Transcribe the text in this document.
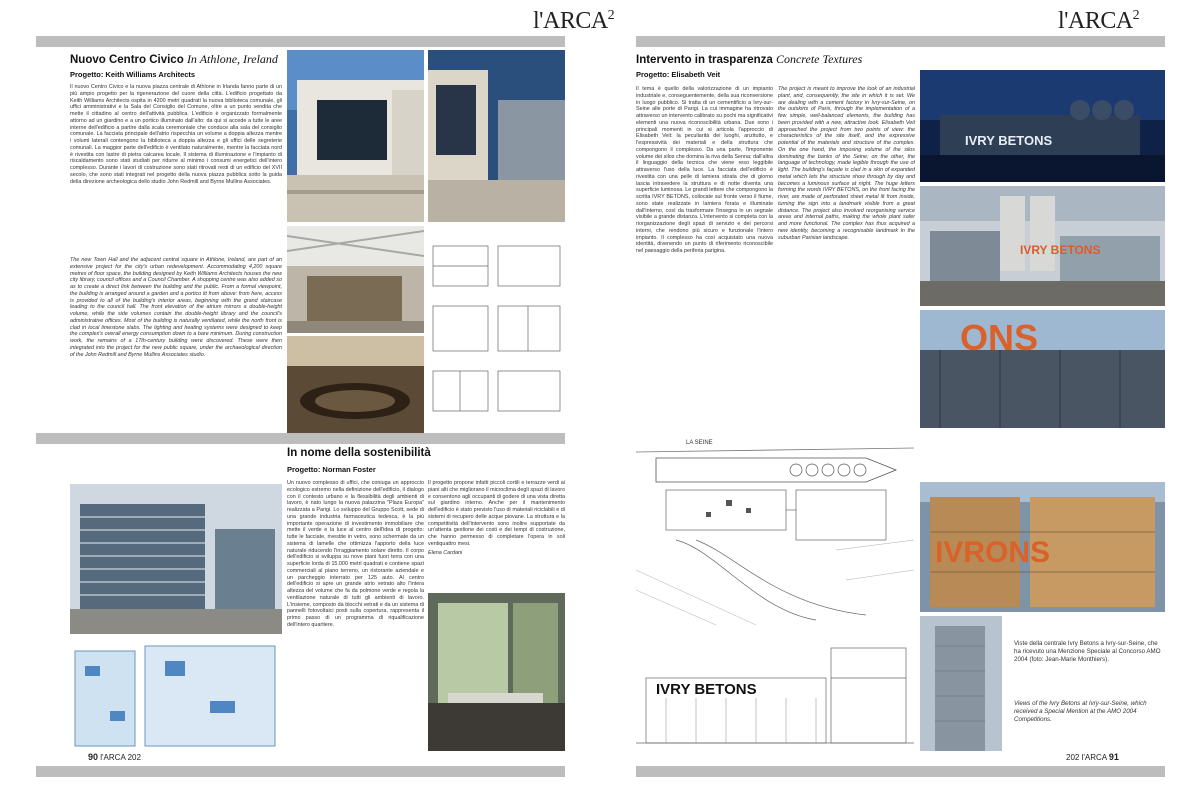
l'ARCA$^2$
Nuovo Centro Civico In Athlone, Ireland
Progetto: Keith Williams Architects
Il nuovo Centro Civico e la nuova piazza centrale di Athlone in Irlanda fanno parte di un più ampio progetto per la rigenerazione del cuore della città. L'edificio progettato da Keith Williams Architects ospita in 4200 metri quadrati la nuova biblioteca comunale, gli uffici amministrativi e la Sala del Consiglio del Comune, oltre a un punto vendita che mette il cittadino al centro dell'attività pubblica. L'edificio è organizzato formalmente attorno ad un giardino e a un portico illuminato dall'alto: da qui si accede a tutte le aree interne dell'edificio a partire dalla scala ceremoniale che conduce alla sala del consiglio comunale. La facciata principale dell'atrio rispecchia un volume a doppia altezza mentre i volumi laterali contengono la biblioteca a doppia altezza e gli uffici delle segreterie comunali. La maggior parte dell'edificio è ventilato naturalmente, mentre la facciata nord è rivestita con lastre di pietra calcarea locale. Il sistema di illuminazione e l'impianto di riscaldamento sono stati studiati per ridurre al minimo i consumi energetici dell'intero complesso. Durante i lavori di costruzione sono stati ritrovati resti di un edificio del XVII secolo, che sono stati integrati nel progetto della nuova piazza pubblica sotto la guida della direzione archeologica dello studio John Redmill and Byrne Mullins Associates.
The new Town Hall and the adjacent central square in Athlone, Ireland, are part of an extensive project for the city's urban redevelopment. Accommodating 4,200 square metres of floor space, the building designed by Keith Williams Architects houses the new city library, council offices and a Council Chamber. A shopping centre was also added so as to create a direct link between the building and the public. From a formal viewpoint, the building is arranged around a garden and a portico lit from above: from here, access is provided to all of the building's interior areas, beginning with the grand staircase leading to the council hall. The front elevation of the atrium mirrors a double-height volume, while the side volumes contain the double-height library and the council's administrative offices. Most of the building is naturally ventilated, while the north front is clad in local limestone slabs. The lighting and heating systems were designed to keep the complex's overall energy consumption down to a bare minimum. During construction work, the remains of a 17th-century building were discovered. These were then integrated into the project for the new public square, under the archaeological direction of the John Redmill and Byrne Mullins Associates studio.
In nome della sostenibilità
Progetto: Norman Foster
Un nuovo complesso di uffici, che coniuga un approccio ecologico estremo nella definizione dell'edificio, il dialogo con il contesto urbano e la flessibilità degli ambienti di lavoro, è nato lungo la nuova palazzina "Plaza Europa" realizzata a Parigi. Lo sviluppo del Gruppo Scott, sede di una grande industria farmaceutica tedesca, è la più importante operazione di investimento immobiliare che mette il verde e la luce al centro dell'idea di progetto: tutte le facciate, rivestite in vetro, sono schermate da un sistema di lamelle che ottimizza l'apporto della luce naturale riducendo l'irraggiamento solare diretto. Il corpo dell'edificio si sviluppa su nove piani fuori terra con una superficie lorda di 15.000 metri quadrati e contiene spazi commerciali al piano terreno, un ristorante aziendale e un parcheggio interrato per 125 auto. Al centro dell'edificio si apre un grande atrio vetrato alto l'intera altezza del volume che fa da polmone verde e regola la ventilazione naturale di tutti gli ambienti di lavoro. L'insieme, composto da blocchi vetrati e da un sistema di pannelli fotovoltaici posti sulla copertura, rappresenta il primo passo di un programma di riqualificazione dell'intero quartiere.

Il progetto propone infatti piccoli cortili e terrazze verdi ai piani alti che migliorano il microclima degli spazi di lavoro e consentono agli occupanti di godere di una vista diretta sul giardino interno. Anche per il mantenimento dell'edificio è stato previsto l'uso di materiali riciclabili e di sistemi di recupero delle acque piovane. La struttura e la competitività dell'intervento sono inoltre supportate da un'attenta gestione dei costi e dei tempi di costruzione, che hanno permesso di completare l'opera in soli ventiquattro mesi.

Elena Cardani

90 l'ARCA 202
l'ARCA$^2$
Intervento in trasparenza Concrete Textures
Progetto: Elisabeth Veit
Il tema è quello della valorizzazione di un impianto industriale e, conseguentemente, della sua riconversione in luogo pubblico. Si tratta di un cementificio a Ivry-sur-Seine alle porte di Parigi. La cui immagine ha ritrovato attraverso un intervento calibrato su pochi ma significativi elementi una nuova riconoscibilità urbana. Due sono i principali momenti in cui si articola l'approccio di Elisabeth Veit: la peculiarità dei luoghi, anzitutto, e l'espressività dei materiali e della struttura che compongono il complesso. Da una parte, l'imponente volume dei silos che domina la riva della Senna; dall'altra il linguaggio della tecnica che viene reso leggibile attraverso l'uso della luce. La facciata dell'edificio è rivestita con una pelle di lamiera stirata che di giorno lascia intravedere la struttura e di notte diventa una superficie luminosa. Le grandi lettere che compongono la scritta IVRY BETONS, collocate sul fronte verso il fiume, sono state realizzate in lamiera forata e illuminate dall'interno, così da trasformare l'insegna in un segnale visibile a grande distanza. L'intervento si completa con la riorganizzazione degli spazi di servizio e dei percorsi interni, che rendono più sicuro e funzionale l'intero impianto. Il complesso ha così acquistato una nuova identità, divenendo un punto di riferimento riconoscibile nel paesaggio della periferia parigina.
The project is meant to improve the look of an industrial plant, and, consequently, the site in which it is set. We are dealing with a cement factory in Ivry-sur-Seine, on the outskirts of Paris, through the implementation of a few simple, well-balanced elements, the building has been provided with a new, attractive look. Elisabeth Veit approached the project from two points of view: the characteristics of the site itself, and the expressive potential of the materials and structure of the complex. On the one hand, the imposing volume of the silos dominating the banks of the Seine; on the other, the language of technology, made legible through the use of light. The building's façade is clad in a skin of expanded metal which lets the structure show through by day and becomes a luminous surface at night. The huge letters forming the words IVRY BETONS, on the front facing the river, are made of perforated sheet metal lit from inside, turning the sign into a landmark visible from a great distance. The project also involved reorganising service areas and internal paths, making the whole plant safer and more functional. The complex has thus acquired a new identity, becoming a recognisable landmark in the suburban Parisian landscape.
LA SEINE
IVRY BETONS
IVRY BETONS
IVRY BETONS
ONS
IVRONS
Viste della centrale Ivry Betons a Ivry-sur-Seine, che ha ricevuto una Menzione Speciale al Concorso AMO 2004 (foto: Jean-Marie Monthiers).
Views of the Ivry Betons at Ivry-sur-Seine, which received a Special Mention at the AMO 2004 Competitions.
202 l'ARCA 91
